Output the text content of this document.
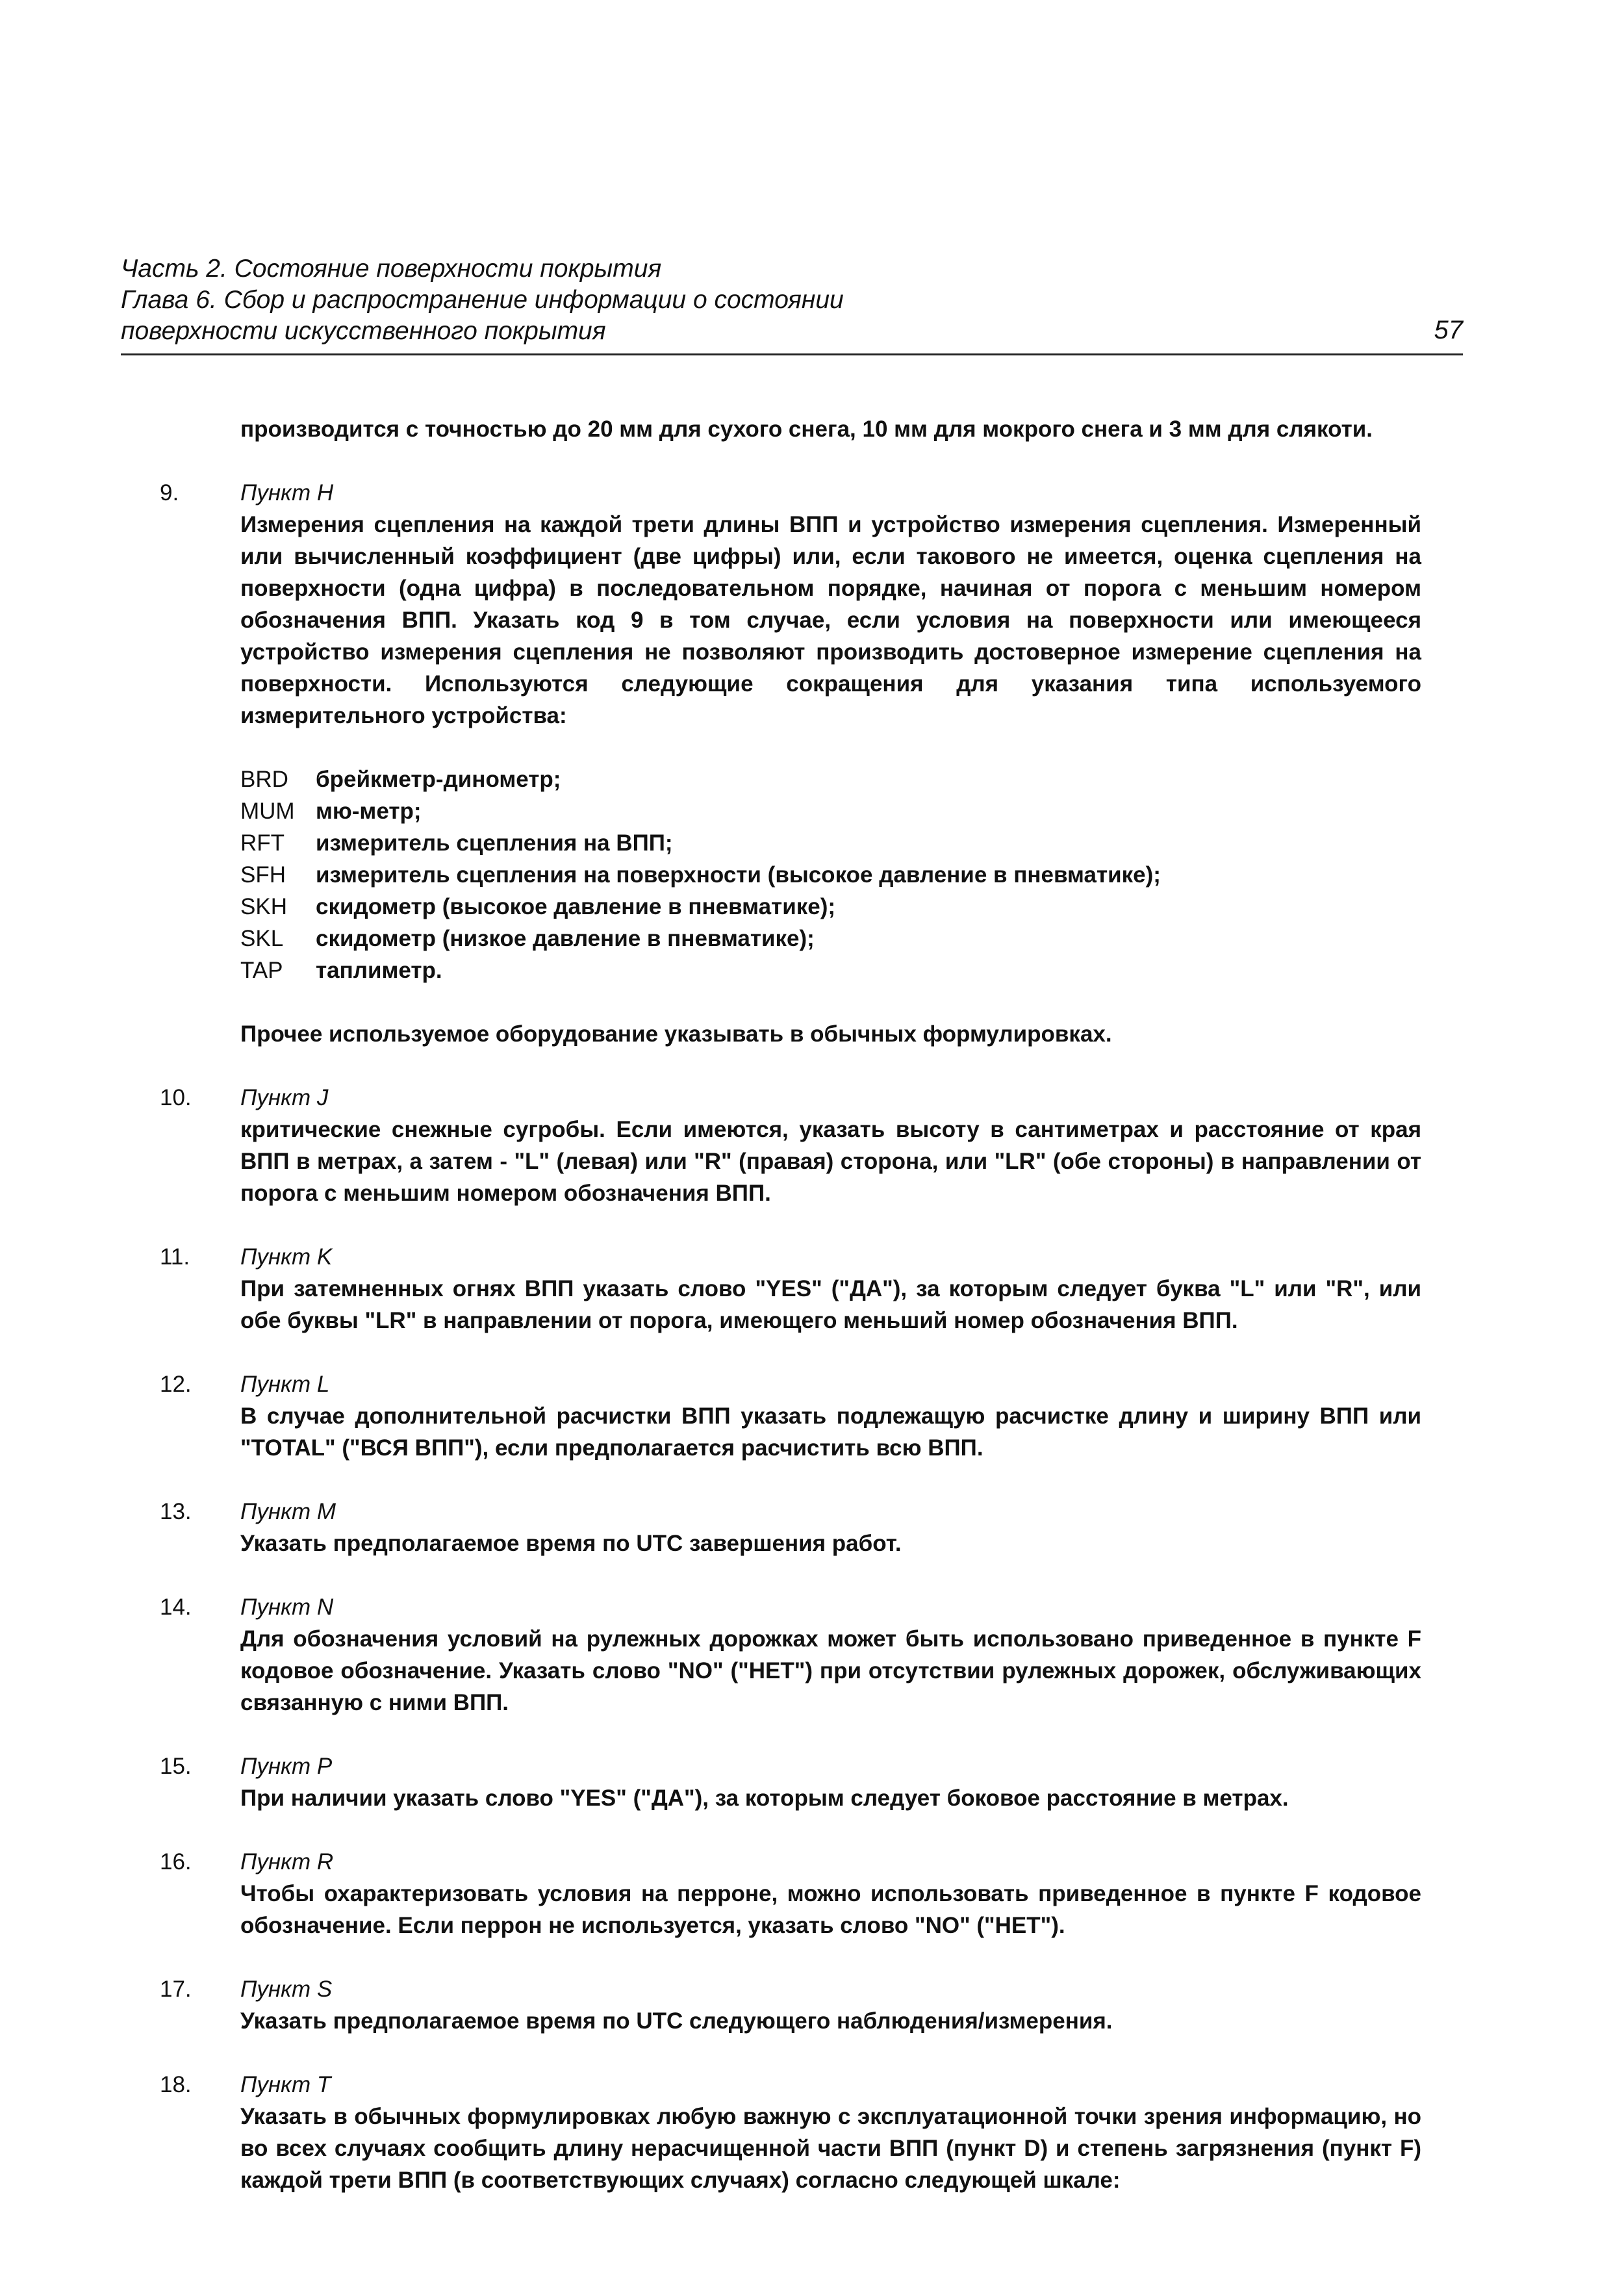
Часть 2. Состояние поверхности покрытия
Глава 6. Сбор и распространение информации о состоянии
поверхности искусственного покрытия	57

производится с точностью до 20 мм для сухого снега, 10 мм для мокрого снега и 3 мм для слякоти.

9.	Пункт H

Измерения сцепления на каждой трети длины ВПП и устройство измерения сцепления. Измеренный или вычисленный коэффициент (две цифры) или, если такового не имеется, оценка сцепления на поверхности (одна цифра) в последовательном порядке, начиная от порога с меньшим номером обозначения ВПП. Указать код 9 в том случае, если условия на поверхности или имеющееся устройство измерения сцепления не позволяют производить достоверное измерение сцепления на поверхности. Используются следующие сокращения для указания типа используемого измерительного устройства:

BRD	брейкметр-динометр;
MUM мю-метр;
RFT	измеритель сцепления на ВПП;
SFH	измеритель сцепления на поверхности (высокое давление в пневматике);
SKH	скидометр (высокое давление в пневматике);
SKL	скидометр (низкое давление в пневматике);
TAP	таплиметр.

Прочее используемое оборудование указывать в обычных формулировках.

10. Пункт J

критические снежные сугробы. Если имеются, указать высоту в сантиметрах и расстояние от края ВПП в метрах, а затем - "L" (левая) или "R" (правая) сторона, или "LR" (обе стороны) в направлении от порога с меньшим номером обозначения ВПП.

11. Пункт K

При затемненных огнях ВПП указать слово "YES" ("ДА"), за которым следует буква "L" или "R", или обе буквы "LR" в направлении от порога, имеющего меньший номер обозначения ВПП.

12. Пункт L

В случае дополнительной расчистки ВПП указать подлежащую расчистке длину и ширину ВПП или "TOTAL" ("ВСЯ ВПП"), если предполагается расчистить всю ВПП.

13. Пункт M

Указать предполагаемое время по UTC завершения работ.

14. Пункт N

Для обозначения условий на рулежных дорожках может быть использовано приведенное в пункте F кодовое обозначение. Указать слово "NO" ("НЕТ") при отсутствии рулежных дорожек, обслуживающих связанную с ними ВПП.

15. Пункт P

При наличии указать слово "YES" ("ДА"), за которым следует боковое расстояние в метрах.

16. Пункт R

Чтобы охарактеризовать условия на перроне, можно использовать приведенное в пункте F кодовое обозначение. Если перрон не используется, указать слово "NO" ("НЕТ").

17. Пункт S

Указать предполагаемое время по UTC следующего наблюдения/измерения.

18. Пункт T

Указать в обычных формулировках любую важную с эксплуатационной точки зрения информацию, но во всех случаях сообщить длину нерасчищенной части ВПП (пункт D) и степень загрязнения (пункт F) каждой трети ВПП (в соответствующих случаях) согласно следующей шкале:
